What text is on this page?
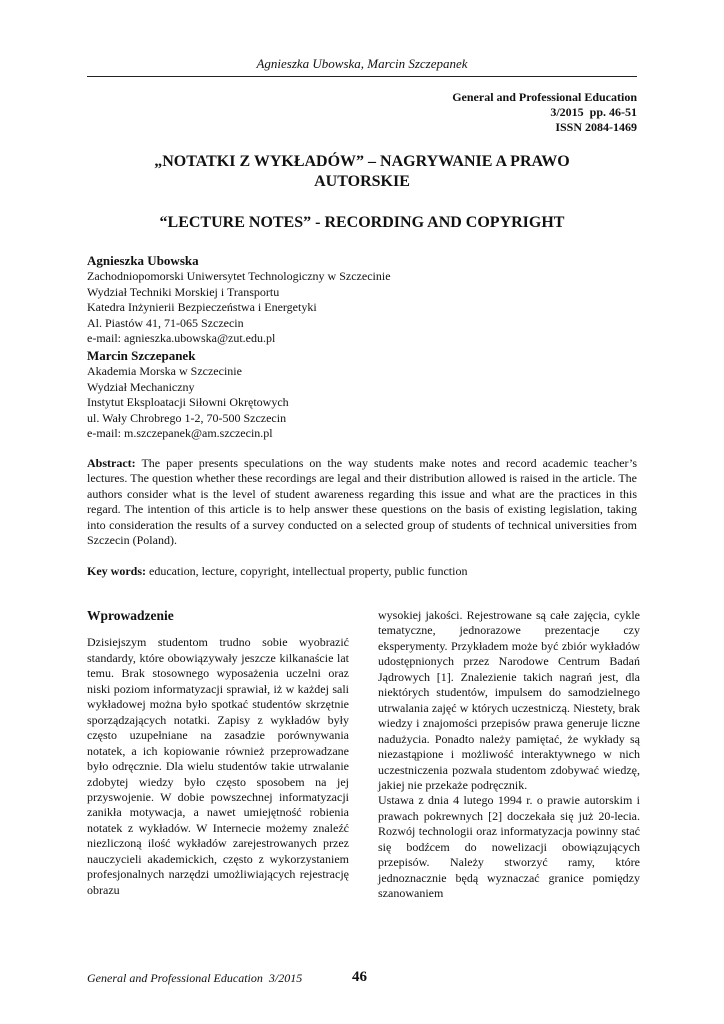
Agnieszka Ubowska, Marcin Szczepanek
General and Professional Education
3/2015  pp. 46-51
ISSN 2084-1469
„NOTATKI Z WYKŁADÓW” – NAGRYWANIE A PRAWO
AUTORSKIE
“LECTURE NOTES” - RECORDING AND COPYRIGHT
Agnieszka Ubowska
Zachodniopomorski Uniwersytet Technologiczny w Szczecinie
Wydział Techniki Morskiej i Transportu
Katedra Inżynierii Bezpieczeństwa i Energetyki
Al. Piastów 41, 71-065 Szczecin
e-mail: agnieszka.ubowska@zut.edu.pl
Marcin Szczepanek
Akademia Morska w Szczecinie
Wydział Mechaniczny
Instytut Eksploatacji Siłowni Okrętowych
ul. Wały Chrobrego 1-2, 70-500 Szczecin
e-mail: m.szczepanek@am.szczecin.pl
Abstract: The paper presents speculations on the way students make notes and record academic teacher’s lectures. The question whether these recordings are legal and their distribution allowed is raised in the article. The authors consider what is the level of student awareness regarding this issue and what are the practices in this regard. The intention of this article is to help answer these questions on the basis of existing legislation, taking into consideration the results of a survey conducted on a selected group of students of technical universities from Szczecin (Poland).
Key words: education, lecture, copyright, intellectual property, public function
Wprowadzenie

Dzisiejszym studentom trudno sobie wyobrazić standardy, które obowiązywały jeszcze kilkanaście lat temu. Brak stosownego wyposażenia uczelni oraz niski poziom informatyzacji sprawiał, iż w każdej sali wykładowej można było spotkać studentów skrzętnie sporządzających notatki. Zapisy z wykładów były często uzupełniane na zasadzie porównywania notatek, a ich kopiowanie również przeprowadzane było odręcznie. Dla wielu studentów takie utrwalanie zdobytej wiedzy było często sposobem na jej przyswojenie. W dobie powszechnej informatyzacji zanikła motywacja, a nawet umiejętność robienia notatek z wykładów. W Internecie możemy znaleźć niezliczoną ilość wykładów zarejestrowanych przez nauczycieli akademickich, często z wykorzystaniem profesjonalnych narzędzi umożliwiających rejestrację obrazu

wysokiej jakości. Rejestrowane są całe zajęcia, cykle tematyczne, jednorazowe prezentacje czy eksperymenty. Przykładem może być zbiór wykładów udostępnionych przez Narodowe Centrum Badań Jądrowych [1]. Znalezienie takich nagrań jest, dla niektórych studentów, impulsem do samodzielnego utrwalania zajęć w których uczestniczą. Niestety, brak wiedzy i znajomości przepisów prawa generuje liczne nadużycia. Ponadto należy pamiętać, że wykłady są niezastąpione i możliwość interaktywnego w nich uczestniczenia pozwala studentom zdobywać wiedzę, jakiej nie przekaże podręcznik.

Ustawa z dnia 4 lutego 1994 r. o prawie autorskim i prawach pokrewnych [2] doczekała się już 20-lecia. Rozwój technologii oraz informatyzacja powinny stać się bodźcem do nowelizacji obowiązujących przepisów. Należy stworzyć ramy, które jednoznacznie będą wyznaczać granice pomiędzy szanowaniem

General and Professional Education  3/2015	46
